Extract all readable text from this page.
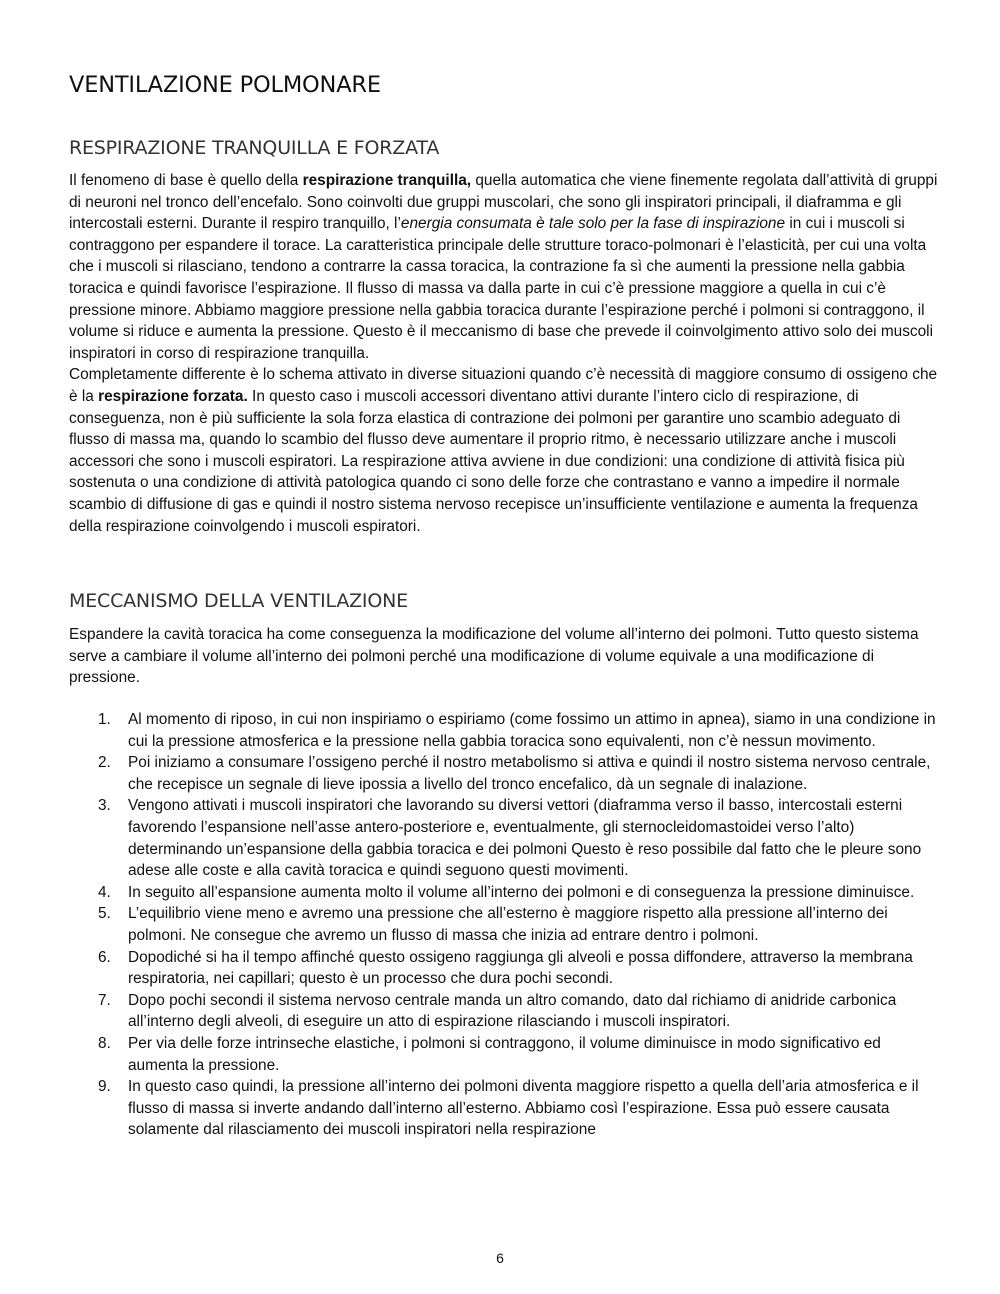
VENTILAZIONE POLMONARE
RESPIRAZIONE TRANQUILLA E FORZATA

Il fenomeno di base è quello della respirazione tranquilla, quella automatica che viene finemente regolata dall’attività di gruppi di neuroni nel tronco dell’encefalo. Sono coinvolti due gruppi muscolari, che sono gli inspiratori principali, il diaframma e gli intercostali esterni. Durante il respiro tranquillo, l’energia consumata è tale solo per la fase di inspirazione in cui i muscoli si contraggono per espandere il torace. La caratteristica principale delle strutture toraco-polmonari è l’elasticità, per cui una volta che i muscoli si rilasciano, tendono a contrarre la cassa toracica, la contrazione fa sì che aumenti la pressione nella gabbia toracica e quindi favorisce l’espirazione. Il flusso di massa va dalla parte in cui c’è pressione maggiore a quella in cui c’è pressione minore. Abbiamo maggiore pressione nella gabbia toracica durante l’espirazione perché i polmoni si contraggono, il volume si riduce e aumenta la pressione. Questo è il meccanismo di base che prevede il coinvolgimento attivo solo dei muscoli inspiratori in corso di respirazione tranquilla.

Completamente differente è lo schema attivato in diverse situazioni quando c’è necessità di maggiore consumo di ossigeno che è la respirazione forzata. In questo caso i muscoli accessori diventano attivi durante l’intero ciclo di respirazione, di conseguenza, non è più sufficiente la sola forza elastica di contrazione dei polmoni per garantire uno scambio adeguato di flusso di massa ma, quando lo scambio del flusso deve aumentare il proprio ritmo, è necessario utilizzare anche i muscoli accessori che sono i muscoli espiratori. La respirazione attiva avviene in due condizioni: una condizione di attività fisica più sostenuta o una condizione di attività patologica quando ci sono delle forze che contrastano e vanno a impedire il normale scambio di diffusione di gas e quindi il nostro sistema nervoso recepisce un’insufficiente ventilazione e aumenta la frequenza della respirazione coinvolgendo i muscoli espiratori.

MECCANISMO DELLA VENTILAZIONE

Espandere la cavità toracica ha come conseguenza la modificazione del volume all’interno dei polmoni. Tutto questo sistema serve a cambiare il volume all’interno dei polmoni perché una modificazione di volume equivale a una modificazione di pressione.

1. Al momento di riposo, in cui non inspiriamo o espiriamo (come fossimo un attimo in apnea), siamo in una condizione in cui la pressione atmosferica e la pressione nella gabbia toracica sono equivalenti, non c’è nessun movimento.
2. Poi iniziamo a consumare l’ossigeno perché il nostro metabolismo si attiva e quindi il nostro sistema nervoso centrale, che recepisce un segnale di lieve ipossia a livello del tronco encefalico, dà un segnale di inalazione.
3. Vengono attivati i muscoli inspiratori che lavorando su diversi vettori (diaframma verso il basso, intercostali esterni favorendo l’espansione nell’asse antero-posteriore e, eventualmente, gli sternocleidomastoidei verso l’alto) determinando un’espansione della gabbia toracica e dei polmoni Questo è reso possibile dal fatto che le pleure sono adese alle coste e alla cavità toracica e quindi seguono questi movimenti.
4. In seguito all’espansione aumenta molto il volume all’interno dei polmoni e di conseguenza la pressione diminuisce.
5. L’equilibrio viene meno e avremo una pressione che all’esterno è maggiore rispetto alla pressione all’interno dei polmoni. Ne consegue che avremo un flusso di massa che inizia ad entrare dentro i polmoni.
6. Dopodiché si ha il tempo affinché questo ossigeno raggiunga gli alveoli e possa diffondere, attraverso la membrana respiratoria, nei capillari; questo è un processo che dura pochi secondi.
7. Dopo pochi secondi il sistema nervoso centrale manda un altro comando, dato dal richiamo di anidride carbonica all’interno degli alveoli, di eseguire un atto di espirazione rilasciando i muscoli inspiratori.
8. Per via delle forze intrinseche elastiche, i polmoni si contraggono, il volume diminuisce in modo significativo ed aumenta la pressione.
9. In questo caso quindi, la pressione all’interno dei polmoni diventa maggiore rispetto a quella dell’aria atmosferica e il flusso di massa si inverte andando dall’interno all’esterno. Abbiamo così l’espirazione. Essa può essere causata solamente dal rilasciamento dei muscoli inspiratori nella respirazione
6
